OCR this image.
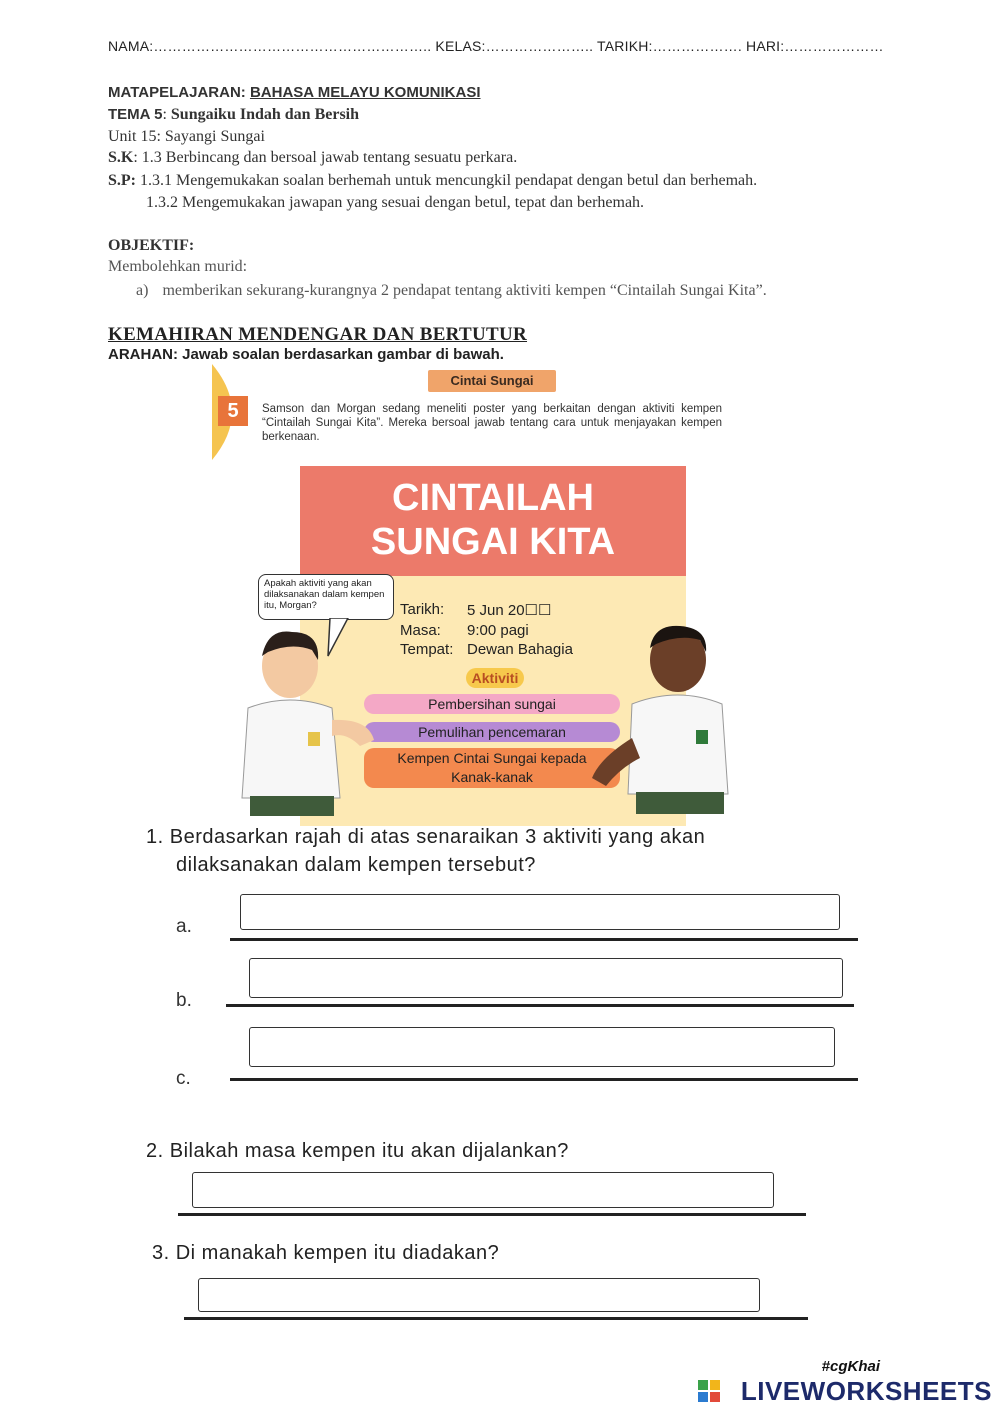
NAMA:………………………………………………….. KELAS:………………….. TARIKH:………………. HARI:…………………
MATAPELAJARAN: BAHASA MELAYU KOMUNIKASI
TEMA 5: Sungaiku Indah dan Bersih
Unit 15: Sayangi Sungai
S.K: 1.3 Berbincang dan bersoal jawab tentang sesuatu perkara.
S.P: 1.3.1 Mengemukakan soalan berhemah untuk mencungkil pendapat dengan betul dan berhemah.
1.3.2 Mengemukakan jawapan yang sesuai dengan betul, tepat dan berhemah.
OBJEKTIF:
Membolehkan murid:
a) memberikan sekurang-kurangnya 2 pendapat tentang aktiviti kempen “Cintailah Sungai Kita”.
KEMAHIRAN MENDENGAR DAN BERTUTUR
ARAHAN: Jawab soalan berdasarkan gambar di bawah.
Cintai Sungai
5	Samson dan Morgan sedang meneliti poster yang berkaitan dengan aktiviti kempen “Cintailah Sungai Kita”. Mereka bersoal jawab tentang cara untuk menjayakan kempen berkenaan.
CINTAILAH
SUNGAI KITA
Apakah aktiviti yang akan dilaksanakan dalam kempen itu, Morgan?	Tarikh: 5 Jun 20☐☐
Masa: 9:00 pagi
Tempat: Dewan Bahagia
Aktiviti
Pembersihan sungai
Pemulihan pencemaran
Kempen Cintai Sungai kepada
Kanak-kanak
1. Berdasarkan rajah di atas senaraikan 3 aktiviti yang akan
dilaksanakan dalam kempen tersebut?
a.
b.
c.
2. Bilakah masa kempen itu akan dijalankan?
3. Di manakah kempen itu diadakan?
#cgKhai
LIVEWORKSHEETS
